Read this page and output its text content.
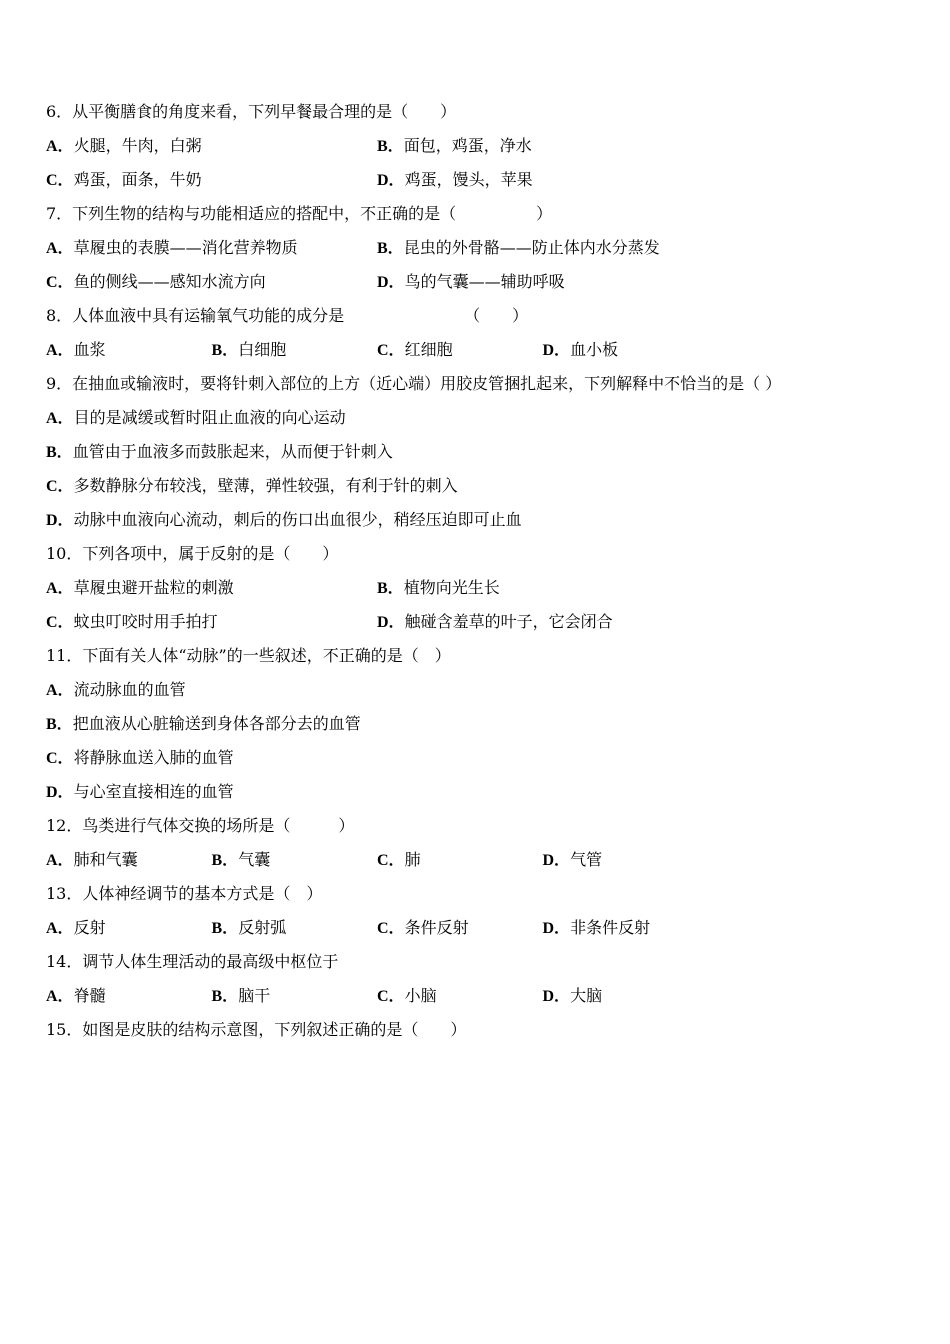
6．从平衡膳食的角度来看，下列早餐最合理的是（　　）
A．火腿，牛肉，白粥	B．面包，鸡蛋，净水
C．鸡蛋，面条，牛奶	D．鸡蛋，馒头，苹果
7．下列生物的结构与功能相适应的搭配中，不正确的是（　　　　　）
A．草履虫的表膜——消化营养物质	B．昆虫的外骨骼——防止体内水分蒸发
C．鱼的侧线——感知水流方向	D．鸟的气囊——辅助呼吸
8．人体血液中具有运输氧气功能的成分是　　　　　　　　（　　）
A．血浆	B．白细胞	C．红细胞	D．血小板
9．在抽血或输液时，要将针刺入部位的上方（近心端）用胶皮管捆扎起来，下列解释中不恰当的是（ ）
A．目的是减缓或暂时阻止血液的向心运动
B．血管由于血液多而鼓胀起来，从而便于针刺入
C．多数静脉分布较浅，壁薄，弹性较强，有利于针的刺入
D．动脉中血液向心流动，刺后的伤口出血很少，稍经压迫即可止血
10．下列各项中，属于反射的是（　　）
A．草履虫避开盐粒的刺激	B．植物向光生长
C．蚊虫叮咬时用手拍打	D．触碰含羞草的叶子，它会闭合
11．下面有关人体“动脉”的一些叙述，不正确的是（　）
A．流动脉血的血管
B．把血液从心脏输送到身体各部分去的血管
C．将静脉血送入肺的血管
D．与心室直接相连的血管
12．鸟类进行气体交换的场所是（　　　）
A．肺和气囊	B．气囊	C．肺	D．气管
13．人体神经调节的基本方式是（　）
A．反射	B．反射弧	C．条件反射	D．非条件反射
14．调节人体生理活动的最高级中枢位于
A．脊髓	B．脑干	C．小脑	D．大脑
15．如图是皮肤的结构示意图，下列叙述正确的是（　　）
